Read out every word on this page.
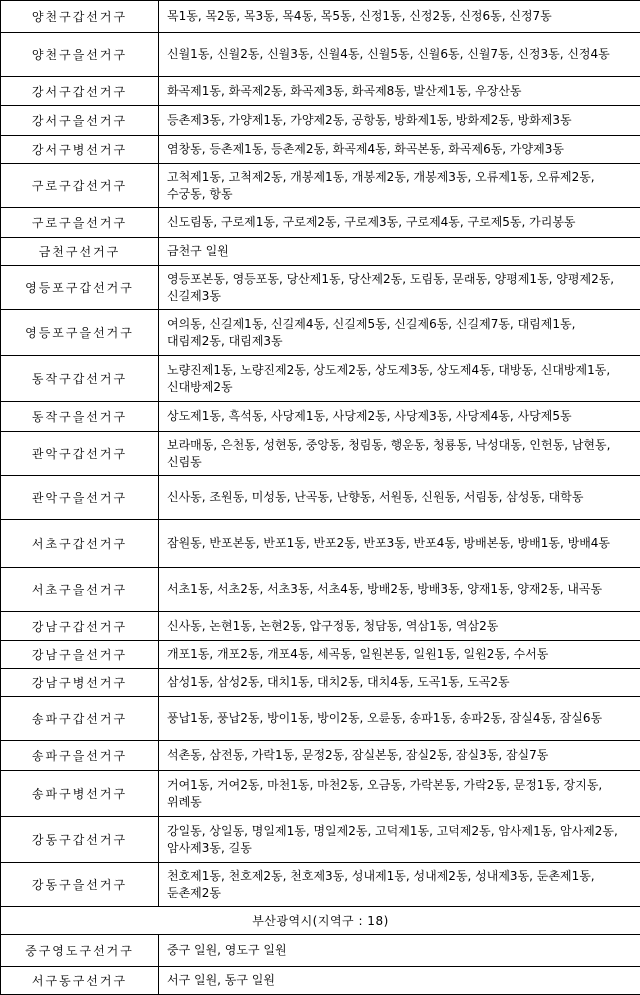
양천구갑선거구	목1동, 목2동, 목3동, 목4동, 목5동, 신정1동, 신정2동, 신정6동, 신정7동
양천구을선거구	신월1동, 신월2동, 신월3동, 신월4동, 신월5동, 신월6동, 신월7동, 신정3동, 신정4동
강서구갑선거구	화곡제1동, 화곡제2동, 화곡제3동, 화곡제8동, 발산제1동, 우장산동
강서구을선거구	등촌제3동, 가양제1동, 가양제2동, 공항동, 방화제1동, 방화제2동, 방화제3동
강서구병선거구	염창동, 등촌제1동, 등촌제2동, 화곡제4동, 화곡본동, 화곡제6동, 가양제3동
구로구갑선거구	고척제1동, 고척제2동, 개봉제1동, 개봉제2동, 개봉제3동, 오류제1동, 오류제2동, 수궁동, 항동
구로구을선거구	신도림동, 구로제1동, 구로제2동, 구로제3동, 구로제4동, 구로제5동, 가리봉동
금천구선거구	금천구 일원
영등포구갑선거구	영등포본동, 영등포동, 당산제1동, 당산제2동, 도림동, 문래동, 양평제1동, 양평제2동, 신길제3동
영등포구을선거구	여의동, 신길제1동, 신길제4동, 신길제5동, 신길제6동, 신길제7동, 대림제1동, 대림제2동, 대림제3동
동작구갑선거구	노량진제1동, 노량진제2동, 상도제2동, 상도제3동, 상도제4동, 대방동, 신대방제1동, 신대방제2동
동작구을선거구	상도제1동, 흑석동, 사당제1동, 사당제2동, 사당제3동, 사당제4동, 사당제5동
관악구갑선거구	보라매동, 은천동, 성현동, 중앙동, 청림동, 행운동, 청룡동, 낙성대동, 인헌동, 남현동, 신림동
관악구을선거구	신사동, 조원동, 미성동, 난곡동, 난향동, 서원동, 신원동, 서림동, 삼성동, 대학동
서초구갑선거구	잠원동, 반포본동, 반포1동, 반포2동, 반포3동, 반포4동, 방배본동, 방배1동, 방배4동
서초구을선거구	서초1동, 서초2동, 서초3동, 서초4동, 방배2동, 방배3동, 양재1동, 양재2동, 내곡동
강남구갑선거구	신사동, 논현1동, 논현2동, 압구정동, 청담동, 역삼1동, 역삼2동
강남구을선거구	개포1동, 개포2동, 개포4동, 세곡동, 일원본동, 일원1동, 일원2동, 수서동
강남구병선거구	삼성1동, 삼성2동, 대치1동, 대치2동, 대치4동, 도곡1동, 도곡2동
송파구갑선거구	풍납1동, 풍납2동, 방이1동, 방이2동, 오륜동, 송파1동, 송파2동, 잠실4동, 잠실6동
송파구을선거구	석촌동, 삼전동, 가락1동, 문정2동, 잠실본동, 잠실2동, 잠실3동, 잠실7동
송파구병선거구	거여1동, 거여2동, 마천1동, 마천2동, 오금동, 가락본동, 가락2동, 문정1동, 장지동, 위례동
강동구갑선거구	강일동, 상일동, 명일제1동, 명일제2동, 고덕제1동, 고덕제2동, 암사제1동, 암사제2동, 암사제3동, 길동
강동구을선거구	천호제1동, 천호제2동, 천호제3동, 성내제1동, 성내제2동, 성내제3동, 둔촌제1동, 둔촌제2동
부산광역시(지역구 : 18)	
중구영도구선거구	중구 일원, 영도구 일원
서구동구선거구	서구 일원, 동구 일원
